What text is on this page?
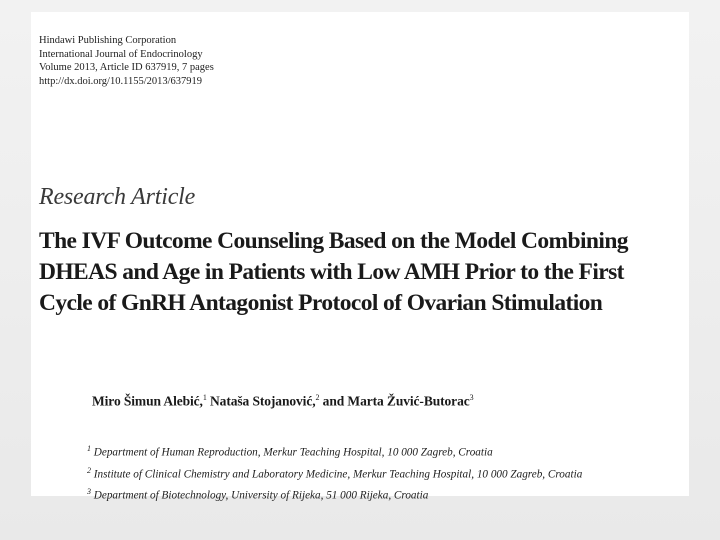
Hindawi Publishing Corporation
International Journal of Endocrinology
Volume 2013, Article ID 637919, 7 pages
http://dx.doi.org/10.1155/2013/637919
Research Article
The IVF Outcome Counseling Based on the Model Combining
DHEAS and Age in Patients with Low AMH Prior to the First
Cycle of GnRH Antagonist Protocol of Ovarian Stimulation
Miro Šimun Alebić,$^1$ Nataša Stojanović,$^2$ and Marta Žuvić-Butorac$^3$
$^1$ Department of Human Reproduction, Merkur Teaching Hospital, 10 000 Zagreb, Croatia
$^2$ Institute of Clinical Chemistry and Laboratory Medicine, Merkur Teaching Hospital, 10 000 Zagreb, Croatia
$^3$ Department of Biotechnology, University of Rijeka, 51 000 Rijeka, Croatia
